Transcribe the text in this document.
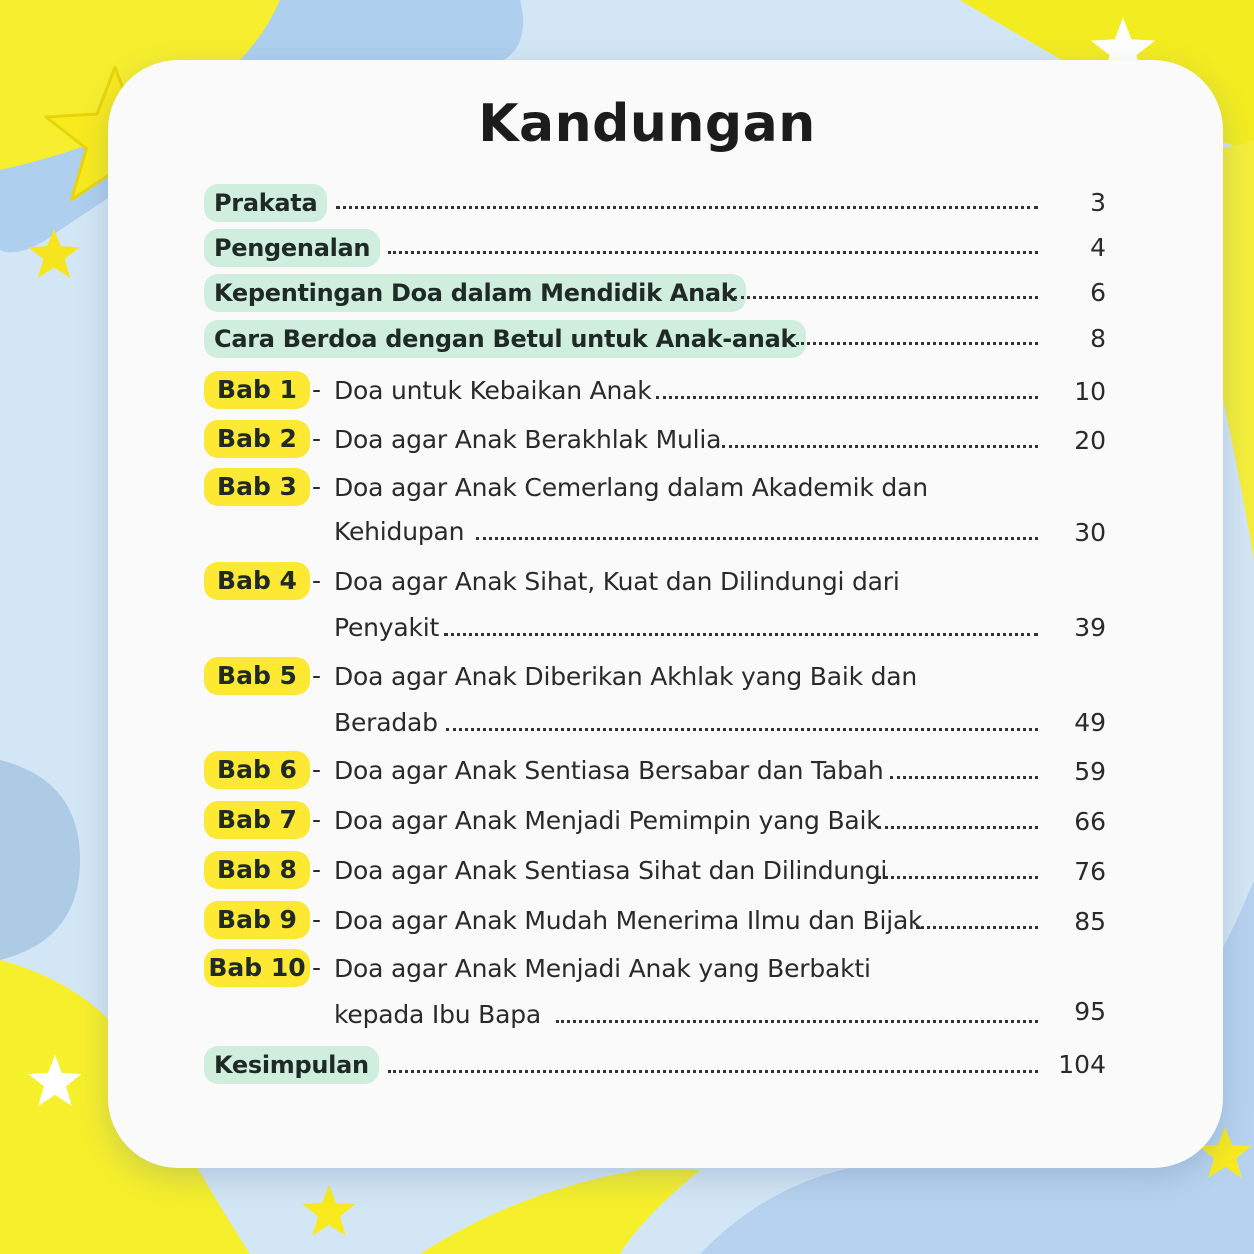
Kandungan
Prakata	3
Pengenalan	4
Kepentingan Doa dalam Mendidik Anak	6
Cara Berdoa dengan Betul untuk Anak-anak	8
Bab 1 - Doa untuk Kebaikan Anak	10
Bab 2 - Doa agar Anak Berakhlak Mulia	20
Bab 3 - Doa agar Anak Cemerlang dalam Akademik dan
Kehidupan	30
Bab 4 - Doa agar Anak Sihat, Kuat dan Dilindungi dari
Penyakit	39
Bab 5 - Doa agar Anak Diberikan Akhlak yang Baik dan
Beradab	49
Bab 6 - Doa agar Anak Sentiasa Bersabar dan Tabah	59
Bab 7 - Doa agar Anak Menjadi Pemimpin yang Baik	66
Bab 8 - Doa agar Anak Sentiasa Sihat dan Dilindungi	76
Bab 9 - Doa agar Anak Mudah Menerima Ilmu dan Bijak	85
Bab 10 - Doa agar Anak Menjadi Anak yang Berbakti
kepada Ibu Bapa	95
Kesimpulan	104
